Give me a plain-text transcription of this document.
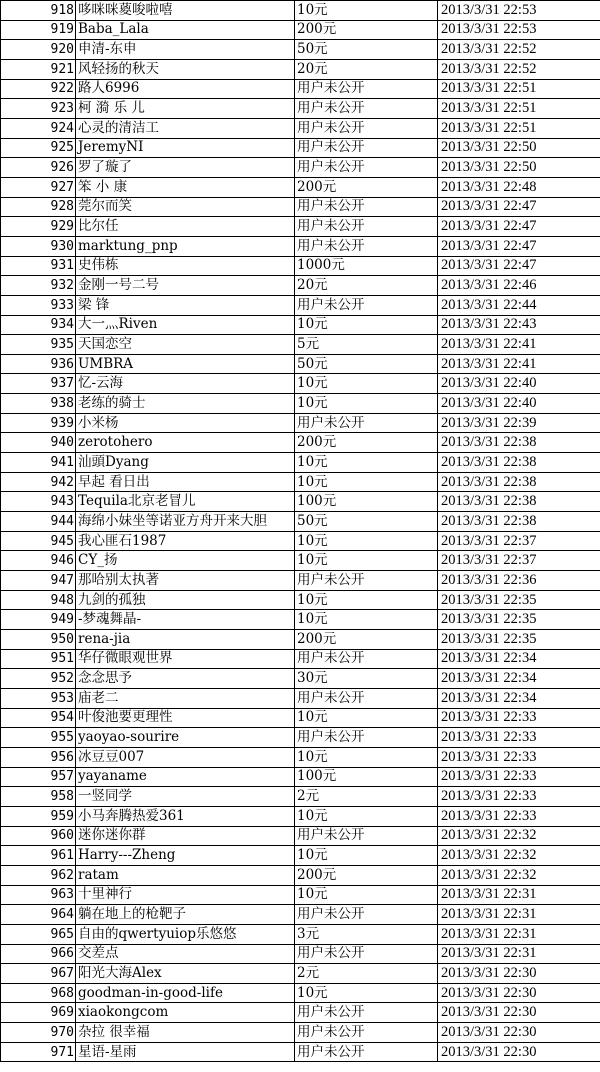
918	哆咪咪葼唆啦嘻	10元	2013/3/31 22:53
919	Baba_Lala	200元	2013/3/31 22:53
920	申清-东申	50元	2013/3/31 22:52
921	风轻扬的秋天	20元	2013/3/31 22:52
922	路人6996	用户未公开	2013/3/31 22:51
923	柯 漪 乐 儿	用户未公开	2013/3/31 22:51
924	心灵的清洁工	用户未公开	2013/3/31 22:51
925	JeremyNI	用户未公开	2013/3/31 22:50
926	罗了璇了	用户未公开	2013/3/31 22:50
927	笨 小 康	200元	2013/3/31 22:48
928	莞尔而笑	用户未公开	2013/3/31 22:47
929	比尔任	用户未公开	2013/3/31 22:47
930	marktung_pnp	用户未公开	2013/3/31 22:47
931	史伟栋	1000元	2013/3/31 22:47
932	金刚一号二号	20元	2013/3/31 22:46
933	梁 锋	用户未公开	2013/3/31 22:44
934	大一灬Riven	10元	2013/3/31 22:43
935	天国恋空	5元	2013/3/31 22:41
936	UMBRA	50元	2013/3/31 22:41
937	忆-云海	10元	2013/3/31 22:40
938	老练的骑士	10元	2013/3/31 22:40
939	小米杨	用户未公开	2013/3/31 22:39
940	zerotohero	200元	2013/3/31 22:38
941	汕頭Dyang	10元	2013/3/31 22:38
942	早起 看日出	10元	2013/3/31 22:38
943	Tequila北京老冒儿	100元	2013/3/31 22:38
944	海绵小妹坐等诺亚方舟开来大胆	50元	2013/3/31 22:38
945	我心匪石1987	10元	2013/3/31 22:37
946	CY_扬	10元	2013/3/31 22:37
947	那哈别太执著	用户未公开	2013/3/31 22:36
948	九剑的孤独	10元	2013/3/31 22:35
949	-梦魂舞晶-	10元	2013/3/31 22:35
950	rena-jia	200元	2013/3/31 22:35
951	华仔微眼观世界	用户未公开	2013/3/31 22:34
952	念念思予	30元	2013/3/31 22:34
953	庙老二	用户未公开	2013/3/31 22:34
954	叶俊池要更理性	10元	2013/3/31 22:33
955	yaoyao-sourire	用户未公开	2013/3/31 22:33
956	冰豆豆007	10元	2013/3/31 22:33
957	yayaname	100元	2013/3/31 22:33
958	一竖同学	2元	2013/3/31 22:33
959	小马奔腾热爱361	10元	2013/3/31 22:33
960	迷你迷你群	用户未公开	2013/3/31 22:32
961	Harry---Zheng	10元	2013/3/31 22:32
962	ratam	200元	2013/3/31 22:32
963	十里神行	10元	2013/3/31 22:31
964	躺在地上的枪靶子	用户未公开	2013/3/31 22:31
965	自由的qwertyuiop乐悠悠	3元	2013/3/31 22:31
966	交差点	用户未公开	2013/3/31 22:31
967	阳光大海Alex	2元	2013/3/31 22:30
968	goodman-in-good-life	10元	2013/3/31 22:30
969	xiaokongcom	用户未公开	2013/3/31 22:30
970	杂拉 很幸福	用户未公开	2013/3/31 22:30
971	星语-星雨	用户未公开	2013/3/31 22:30
